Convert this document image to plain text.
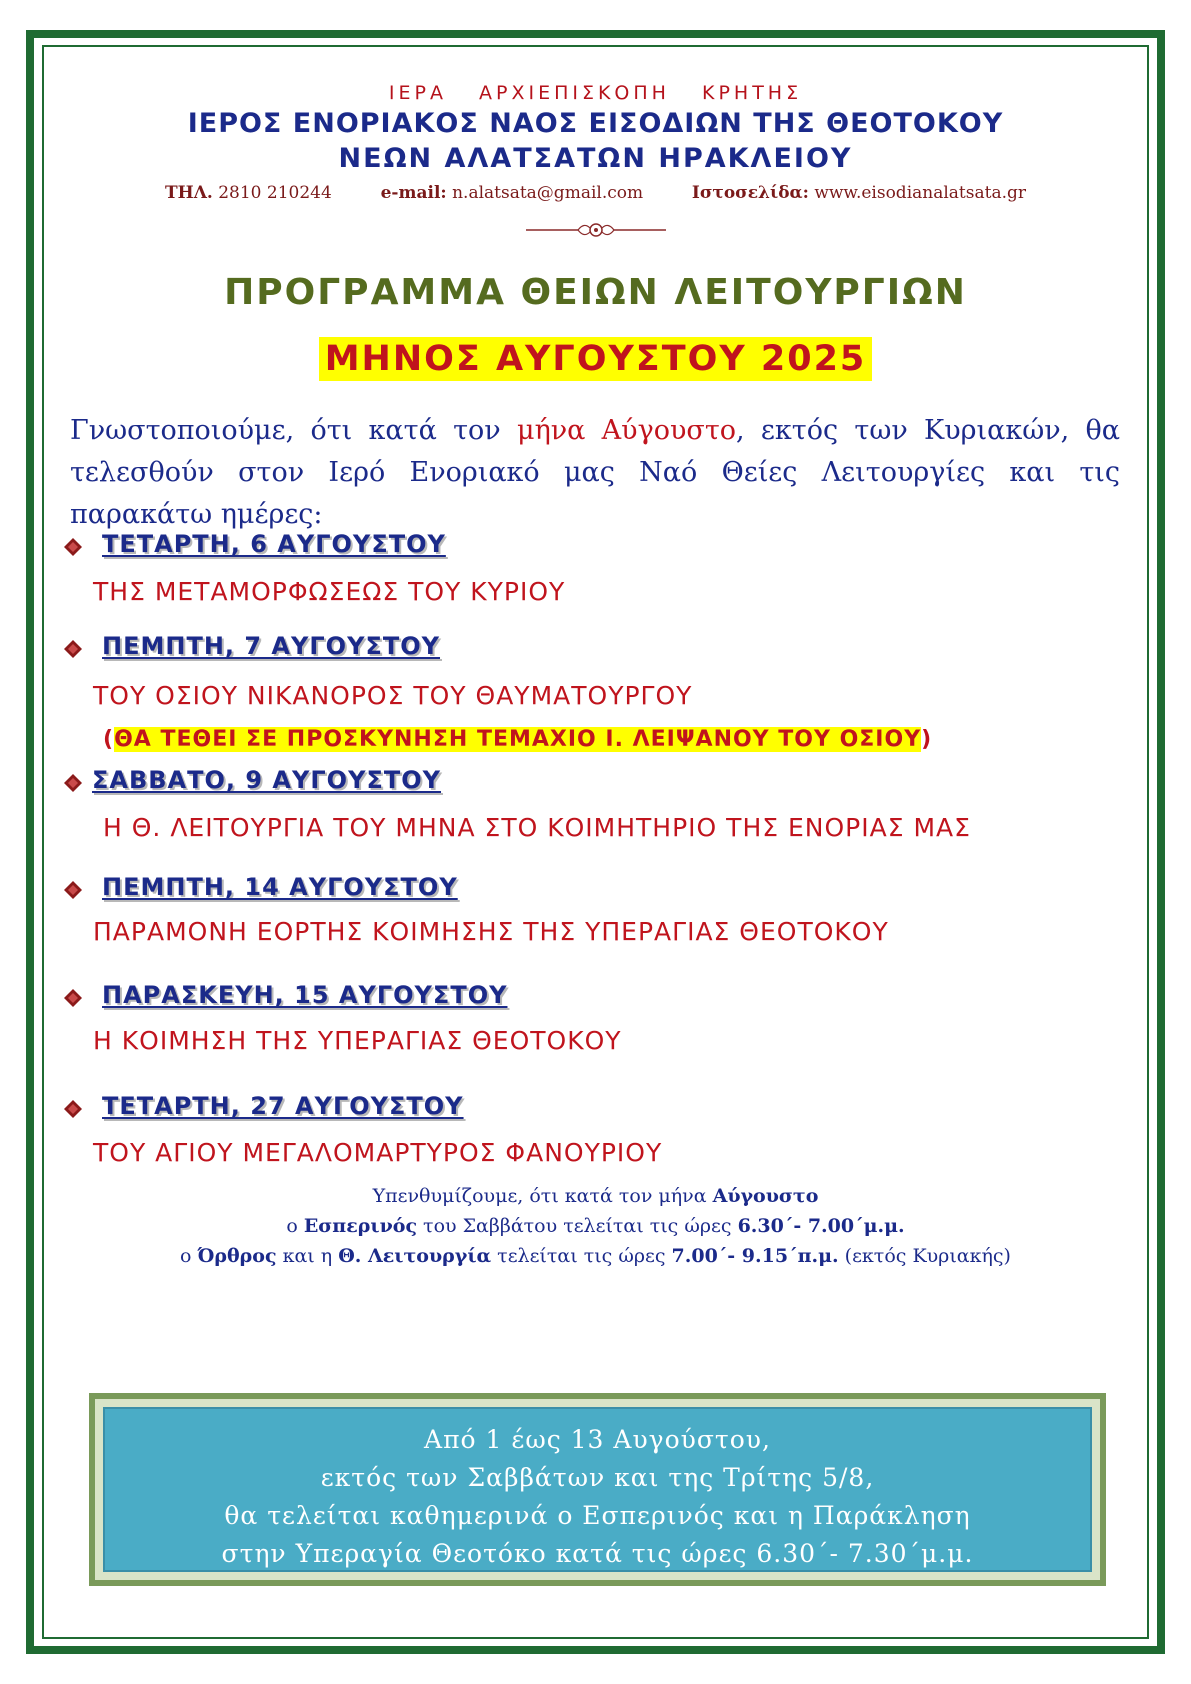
ΙΕΡΑ ΑΡΧΙΕΠΙΣΚΟΠΗ ΚΡΗΤΗΣ
ΙΕΡΟΣ ΕΝΟΡΙΑΚΟΣ ΝΑΟΣ ΕΙΣΟΔΙΩΝ ΤΗΣ ΘΕΟΤΟΚΟΥ
ΝΕΩΝ ΑΛΑΤΣΑΤΩΝ ΗΡΑΚΛΕΙΟΥ
ΤΗΛ. 2810 210244	e-mail: n.alatsata@gmail.com	Ιστοσελίδα: www.eisodianalatsata.gr
ΠΡΟΓΡΑΜΜΑ ΘΕΙΩΝ ΛΕΙΤΟΥΡΓΙΩΝ
ΜΗΝΟΣ ΑΥΓΟΥΣΤΟΥ 2025
Γνωστοποιούμε, ότι κατά τον μήνα Αύγουστο, εκτός των Κυριακών, θα τελεσθούν στον Ιερό Ενοριακό μας Ναό Θείες Λειτουργίες και τις παρακάτω ημέρες:
ΤΕΤΑΡΤΗ, 6 ΑΥΓΟΥΣΤΟΥ
ΤΗΣ ΜΕΤΑΜΟΡΦΩΣΕΩΣ ΤΟΥ ΚΥΡΙΟΥ
ΠΕΜΠΤΗ, 7 ΑΥΓΟΥΣΤΟΥ
ΤΟΥ ΟΣΙΟΥ ΝΙΚΑΝΟΡΟΣ ΤΟΥ ΘΑΥΜΑΤΟΥΡΓΟΥ
(ΘΑ ΤΕΘΕΙ ΣΕ ΠΡΟΣΚΥΝΗΣΗ ΤΕΜΑΧΙΟ Ι. ΛΕΙΨΑΝΟΥ ΤΟΥ ΟΣΙΟΥ)
ΣΑΒΒΑΤΟ, 9 ΑΥΓΟΥΣΤΟΥ
Η Θ. ΛΕΙΤΟΥΡΓΙΑ ΤΟΥ ΜΗΝΑ ΣΤΟ ΚΟΙΜΗΤΗΡΙΟ ΤΗΣ ΕΝΟΡΙΑΣ ΜΑΣ
ΠΕΜΠΤΗ, 14 ΑΥΓΟΥΣΤΟΥ
ΠΑΡΑΜΟΝΗ ΕΟΡΤΗΣ ΚΟΙΜΗΣΗΣ ΤΗΣ ΥΠΕΡΑΓΙΑΣ ΘΕΟΤΟΚΟΥ
ΠΑΡΑΣΚΕΥΗ, 15 ΑΥΓΟΥΣΤΟΥ
Η ΚΟΙΜΗΣΗ ΤΗΣ ΥΠΕΡΑΓΙΑΣ ΘΕΟΤΟΚΟΥ
ΤΕΤΑΡΤΗ, 27 ΑΥΓΟΥΣΤΟΥ
ΤΟΥ ΑΓΙΟΥ ΜΕΓΑΛΟΜΑΡΤΥΡΟΣ ΦΑΝΟΥΡΙΟΥ
Υπενθυμίζουμε, ότι κατά τον μήνα Αύγουστο
ο Εσπερινός του Σαββάτου τελείται τις ώρες 6.30΄- 7.00΄μ.μ.
ο Όρθρος και η Θ. Λειτουργία τελείται τις ώρες 7.00΄- 9.15΄π.μ. (εκτός Κυριακής)
Από 1 έως 13 Αυγούστου,
εκτός των Σαββάτων και της Τρίτης 5/8,
θα τελείται καθημερινά ο Εσπερινός και η Παράκληση
στην Υπεραγία Θεοτόκο κατά τις ώρες 6.30΄- 7.30΄μ.μ.
